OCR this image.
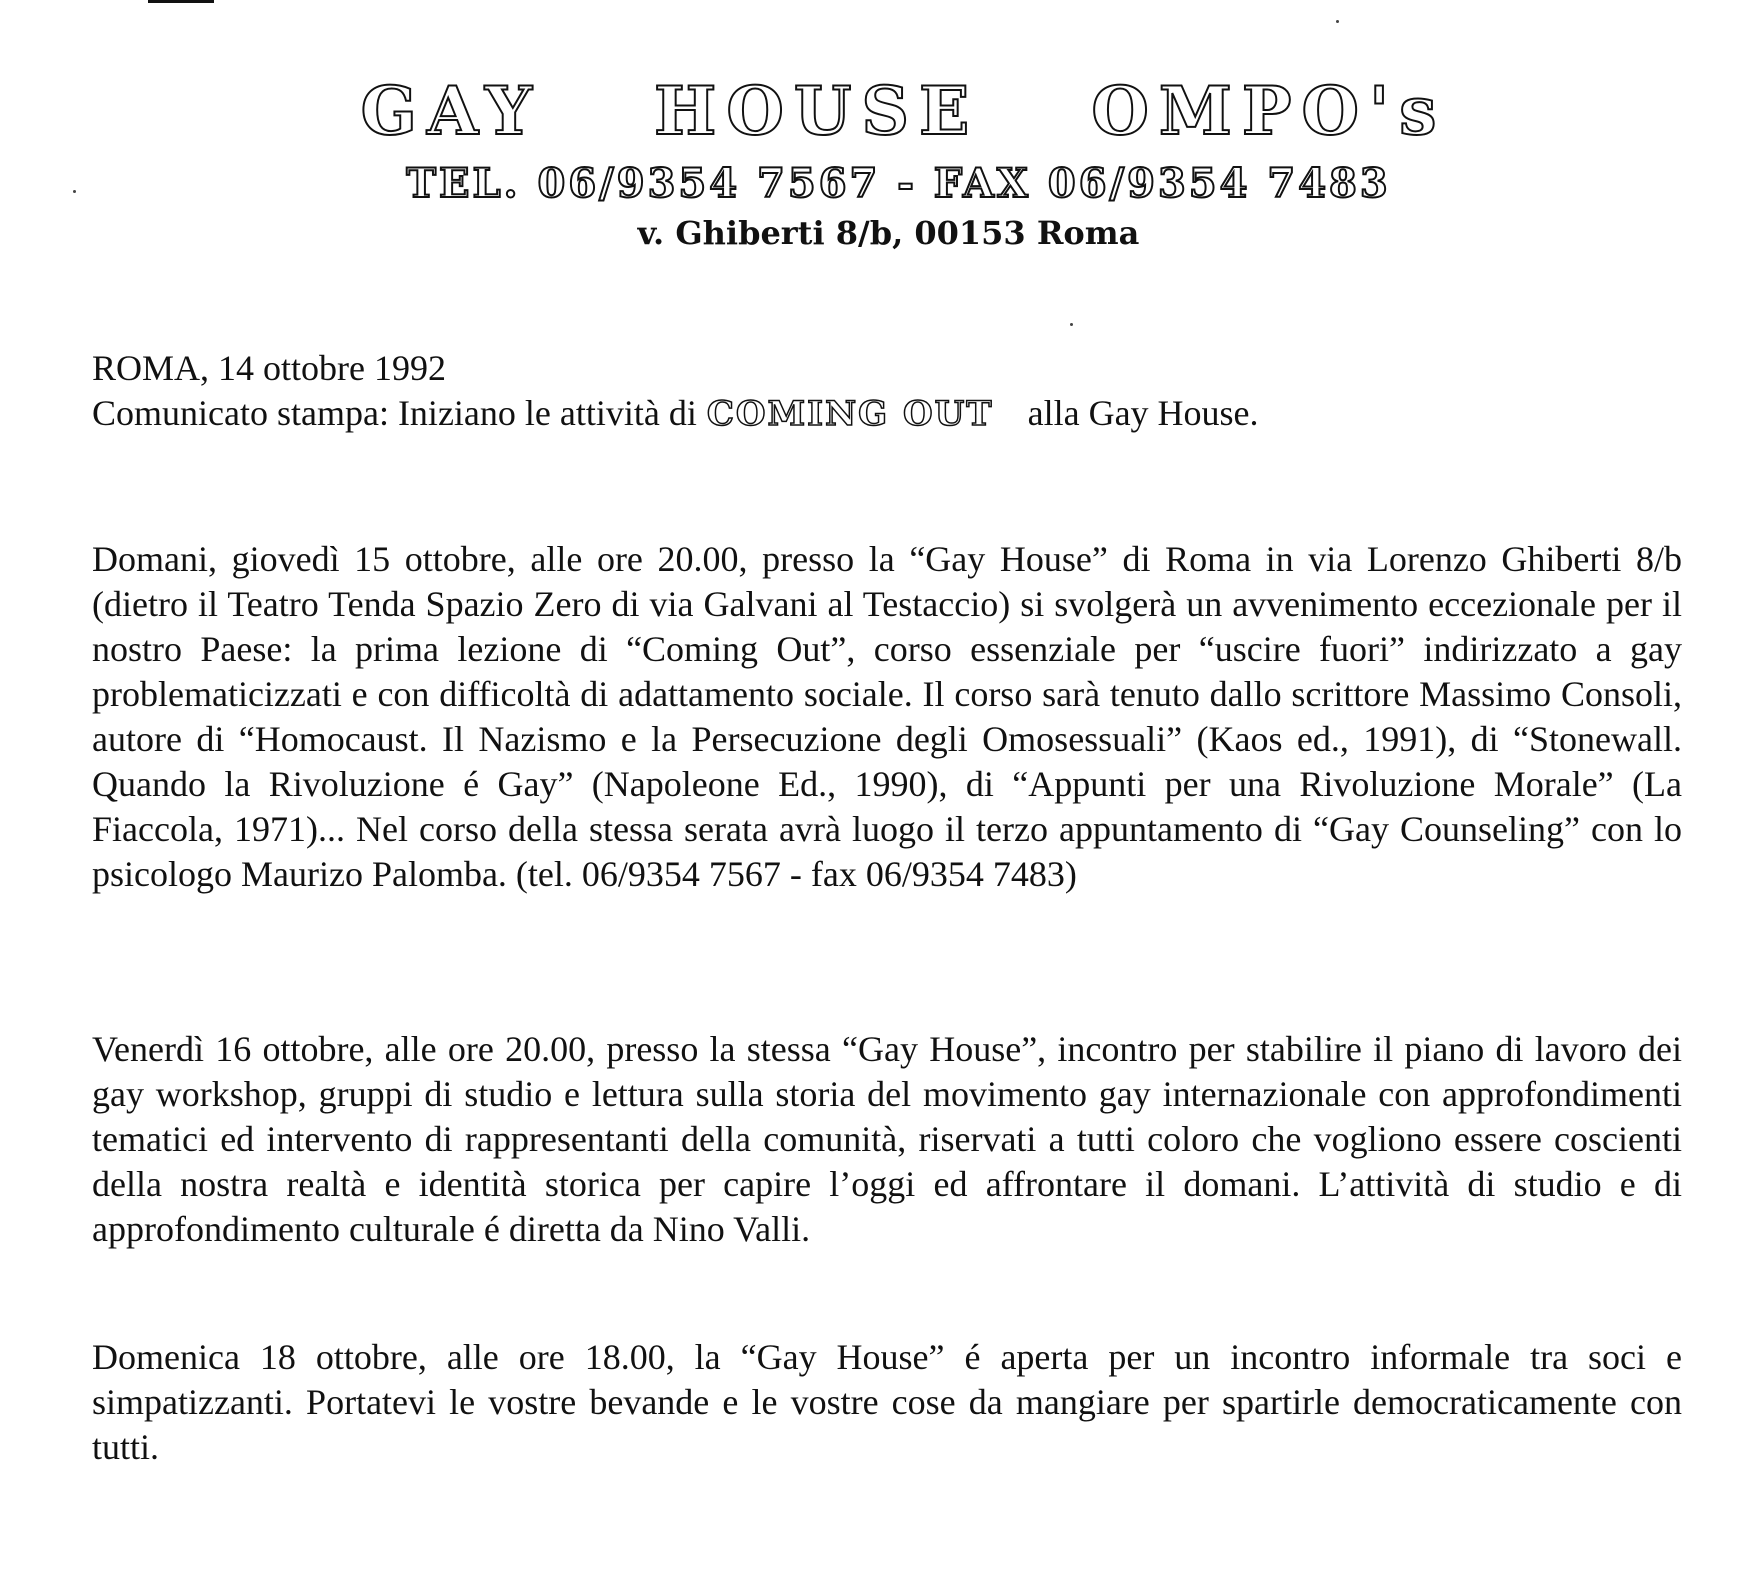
GAY HOUSE OMPO's
TEL. 06/9354 7567 - FAX 06/9354 7483
v. Ghiberti 8/b, 00153 Roma
ROMA, 14 ottobre 1992
Comunicato stampa: Iniziano le attività di COMING OUT alla Gay House.
Domani, giovedì 15 ottobre, alle ore 20.00, presso la “Gay House” di Roma in via Lorenzo Ghiberti 8/b (dietro il Teatro Tenda Spazio Zero di via Galvani al Testaccio) si svolgerà un avvenimento eccezionale per il nostro Paese: la prima lezione di “Coming Out”, corso essenziale per “uscire fuori” indirizzato a gay problematicizzati e con difficoltà di adattamento sociale. Il corso sarà tenuto dallo scrittore Massimo Consoli, autore di “Homocaust. Il Nazismo e la Persecuzione degli Omosessuali” (Kaos ed., 1991), di “Stonewall. Quando la Rivoluzione é Gay” (Napoleone Ed., 1990), di “Appunti per una Rivoluzione Morale” (La Fiaccola, 1971)... Nel corso della stessa serata avrà luogo il terzo appuntamento di “Gay Counseling” con lo psicologo Maurizo Palomba. (tel. 06/9354 7567 - fax 06/9354 7483)
Venerdì 16 ottobre, alle ore 20.00, presso la stessa “Gay House”, incontro per stabilire il piano di lavoro dei gay workshop, gruppi di studio e lettura sulla storia del movimento gay internazionale con approfondimenti tematici ed intervento di rappresentanti della comunità, riservati a tutti coloro che vogliono essere coscienti della nostra realtà e identità storica per capire l’oggi ed affrontare il domani. L’attività di studio e di approfondimento culturale é diretta da Nino Valli.
Domenica 18 ottobre, alle ore 18.00, la “Gay House” é aperta per un incontro informale tra soci e simpatizzanti. Portatevi le vostre bevande e le vostre cose da mangiare per spartirle democraticamente con tutti.
